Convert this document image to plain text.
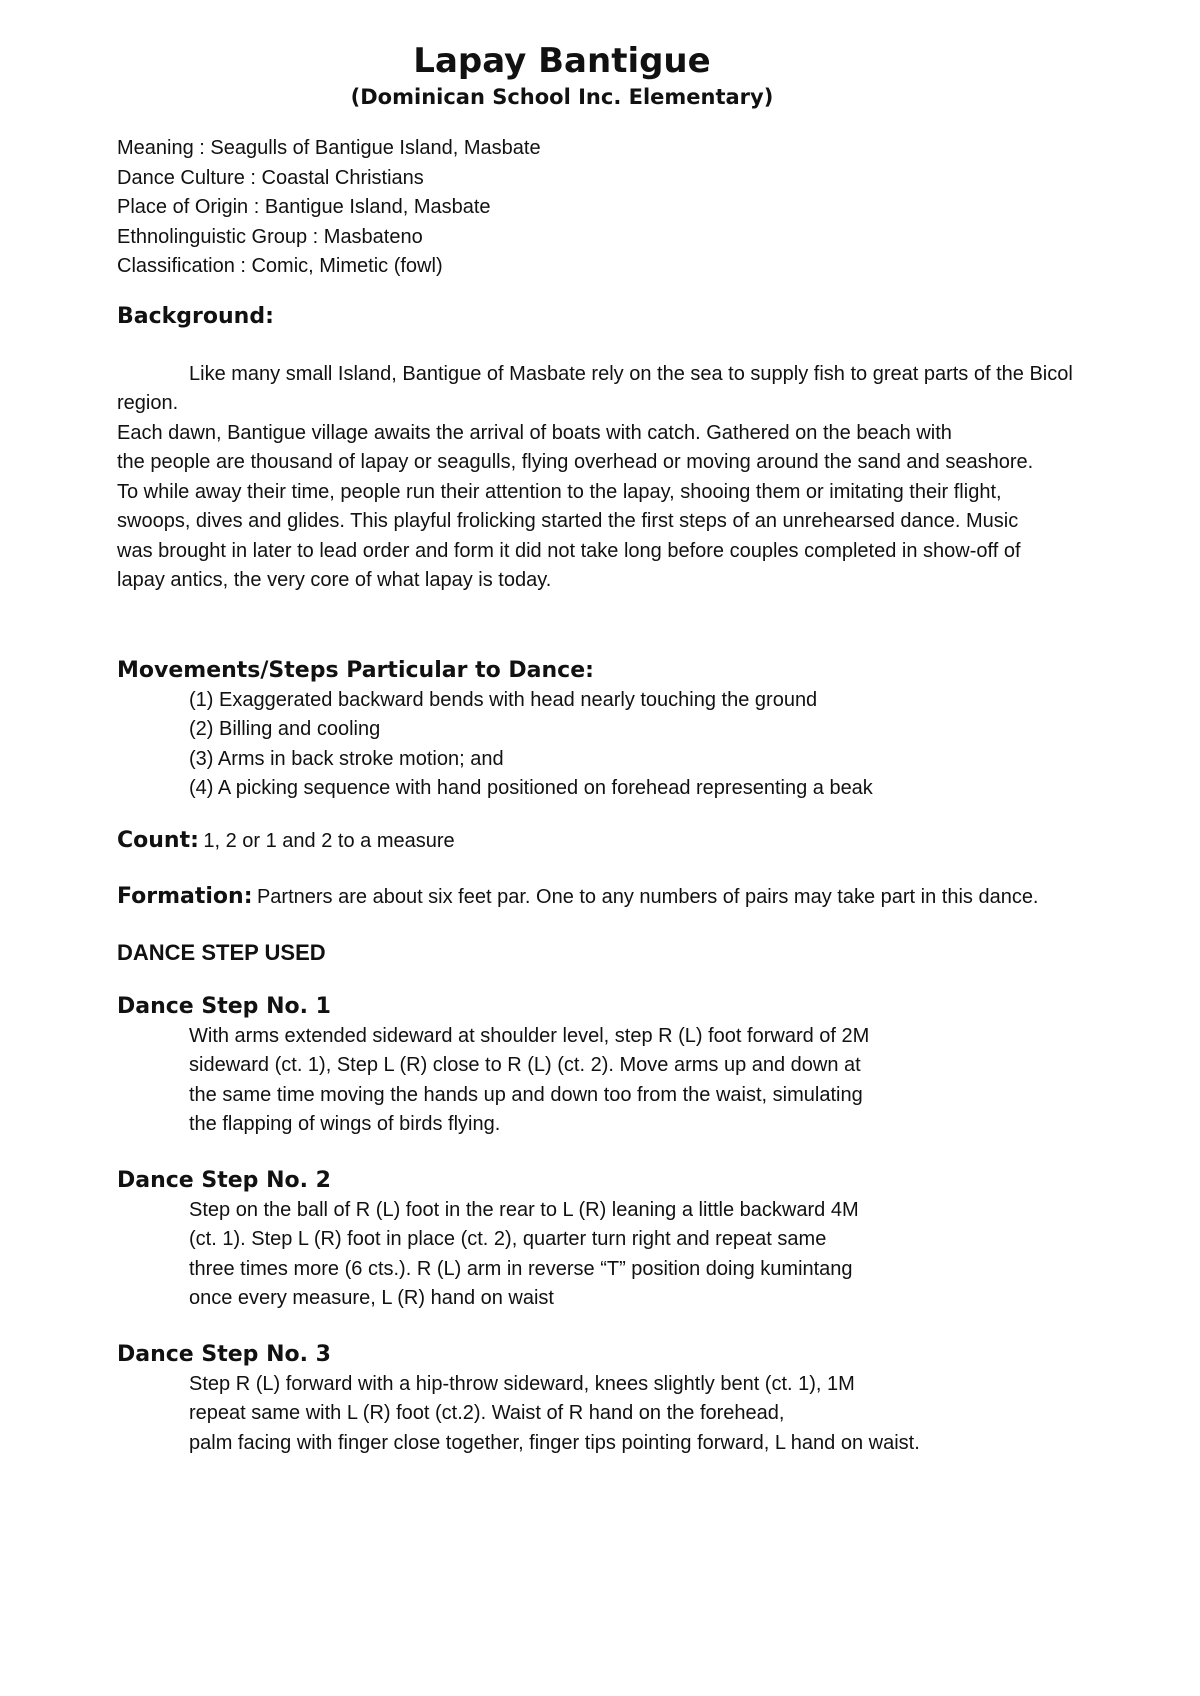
Lapay Bantigue
(Dominican School Inc. Elementary)
Meaning : Seagulls of Bantigue Island, Masbate
Dance Culture : Coastal Christians
Place of Origin : Bantigue Island, Masbate
Ethnolinguistic Group : Masbateno
Classification : Comic, Mimetic (fowl)
Background:

Like many small Island, Bantigue of Masbate rely on the sea to supply fish to great parts of the Bicol

region.

Each dawn, Bantigue village awaits the arrival of boats with catch. Gathered on the beach with

the people are thousand of lapay or seagulls, flying overhead or moving around the sand and seashore.

To while away their time, people run their attention to the lapay, shooing them or imitating their flight,

swoops, dives and glides. This playful frolicking started the first steps of an unrehearsed dance. Music

was brought in later to lead order and form it did not take long before couples completed in show-off of

lapay antics, the very core of what lapay is today.

Movements/Steps Particular to Dance:

(1) Exaggerated backward bends with head nearly touching the ground

(2) Billing and cooling

(3) Arms in back stroke motion; and

(4) A picking sequence with hand positioned on forehead representing a beak

Count: 1, 2 or 1 and 2 to a measure
Formation: Partners are about six feet par. One to any numbers of pairs may take part in this dance.
DANCE STEP USED
Dance Step No. 1

With arms extended sideward at shoulder level, step R (L) foot forward of 2M

sideward (ct. 1), Step L (R) close to R (L) (ct. 2). Move arms up and down at

the same time moving the hands up and down too from the waist, simulating

the flapping of wings of birds flying.

Dance Step No. 2

Step on the ball of R (L) foot in the rear to L (R) leaning a little backward 4M

(ct. 1). Step L (R) foot in place (ct. 2), quarter turn right and repeat same

three times more (6 cts.). R (L) arm in reverse “T” position doing kumintang

once every measure, L (R) hand on waist

Dance Step No. 3

Step R (L) forward with a hip-throw sideward, knees slightly bent (ct. 1), 1M

repeat same with L (R) foot (ct.2). Waist of R hand on the forehead,

palm facing with finger close together, finger tips pointing forward, L hand on waist.
